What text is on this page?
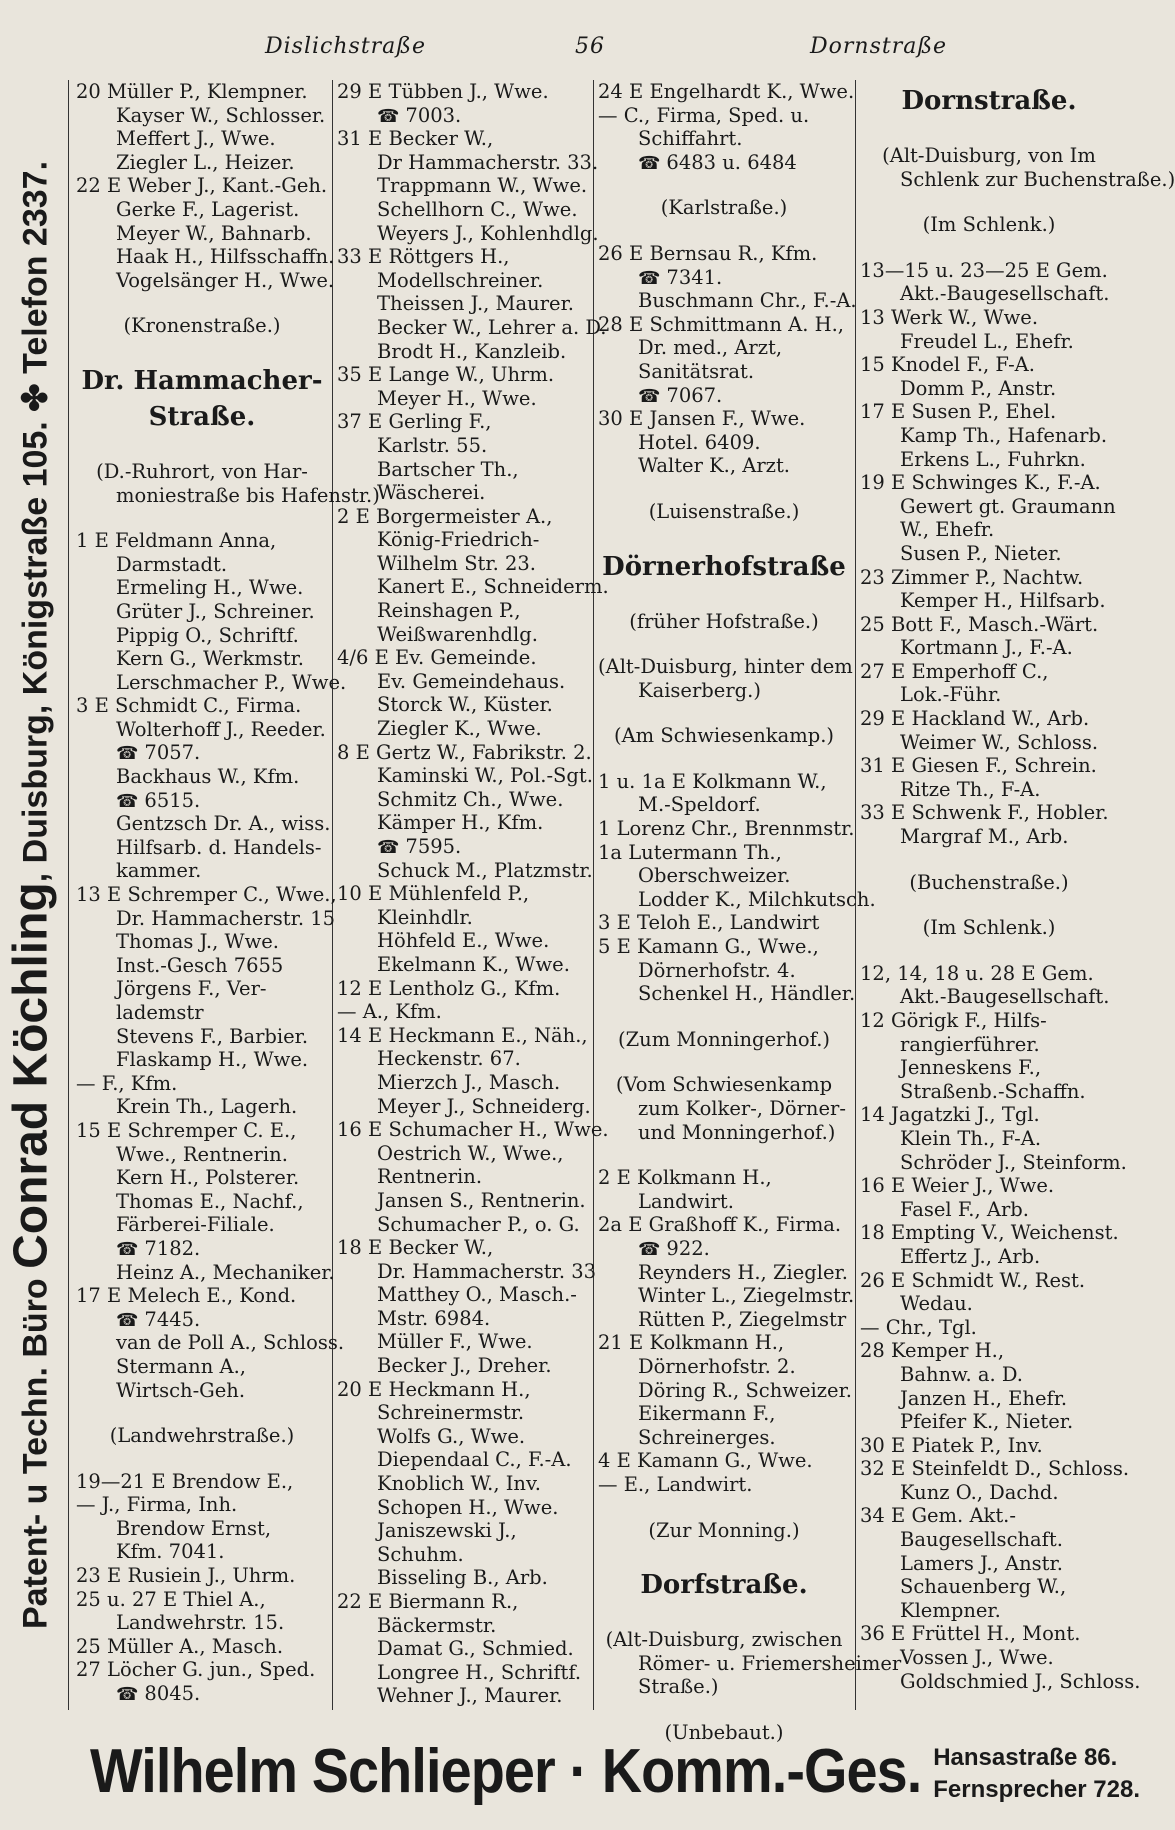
Dislichstraße	56	Dornstraße
Patent- u Techn. Büro Conrad Köchling, Duisburg, Königstraße 105. ✤ Telefon 2337.
20 Müller P., Klempner.
Kayser W., Schlosser.
Meffert J., Wwe.
Ziegler L., Heizer.
22 E Weber J., Kant.-Geh.
Gerke F., Lagerist.
Meyer W., Bahnarb.
Haak H., Hilfsschaffn.
Vogelsänger H., Wwe.
(Kronenstraße.)
Dr. Hammacher-
Straße.
(D.-Ruhrort, von Har-
moniestraße bis Hafenstr.)
1 E Feldmann Anna,
Darmstadt.
Ermeling H., Wwe.
Grüter J., Schreiner.
Pippig O., Schriftf.
Kern G., Werkmstr.
Lerschmacher P., Wwe.
3 E Schmidt C., Firma.
Wolterhoff J., Reeder.
☎ 7057.
Backhaus W., Kfm.
☎ 6515.
Gentzsch Dr. A., wiss.
Hilfsarb. d. Handels-
kammer.
13 E Schremper C., Wwe.,
Dr. Hammacherstr. 15
Thomas J., Wwe.
Inst.-Gesch 7655
Jörgens F., Ver-
lademstr
Stevens F., Barbier.
Flaskamp H., Wwe.
— F., Kfm.
Krein Th., Lagerh.
15 E Schremper C. E.,
Wwe., Rentnerin.
Kern H., Polsterer.
Thomas E., Nachf.,
Färberei-Filiale.
☎ 7182.
Heinz A., Mechaniker.
17 E Melech E., Kond.
☎ 7445.
van de Poll A., Schloss.
Stermann A.,
Wirtsch-Geh.
(Landwehrstraße.)
19—21 E Brendow E.,
— J., Firma, Inh.
Brendow Ernst,
Kfm. 7041.
23 E Rusiein J., Uhrm.
25 u. 27 E Thiel A.,
Landwehrstr. 15.
25 Müller A., Masch.
27 Löcher G. jun., Sped.
☎ 8045.
29 E Tübben J., Wwe.
☎ 7003.
31 E Becker W.,
Dr Hammacherstr. 33.
Trappmann W., Wwe.
Schellhorn C., Wwe.
Weyers J., Kohlenhdlg.
33 E Röttgers H.,
Modellschreiner.
Theissen J., Maurer.
Becker W., Lehrer a. D.
Brodt H., Kanzleib.
35 E Lange W., Uhrm.
Meyer H., Wwe.
37 E Gerling F.,
Karlstr. 55.
Bartscher Th.,
Wäscherei.
2 E Borgermeister A.,
König-Friedrich-
Wilhelm Str. 23.
Kanert E., Schneiderm.
Reinshagen P.,
Weißwarenhdlg.
4/6 E Ev. Gemeinde.
Ev. Gemeindehaus.
Storck W., Küster.
Ziegler K., Wwe.
8 E Gertz W., Fabrikstr. 2.
Kaminski W., Pol.-Sgt.
Schmitz Ch., Wwe.
Kämper H., Kfm.
☎ 7595.
Schuck M., Platzmstr.
10 E Mühlenfeld P.,
Kleinhdlr.
Höhfeld E., Wwe.
Ekelmann K., Wwe.
12 E Lentholz G., Kfm.
— A., Kfm.
14 E Heckmann E., Näh.,
Heckenstr. 67.
Mierzch J., Masch.
Meyer J., Schneiderg.
16 E Schumacher H., Wwe.
Oestrich W., Wwe.,
Rentnerin.
Jansen S., Rentnerin.
Schumacher P., o. G.
18 E Becker W.,
Dr. Hammacherstr. 33
Matthey O., Masch.-
Mstr. 6984.
Müller F., Wwe.
Becker J., Dreher.
20 E Heckmann H.,
Schreinermstr.
Wolfs G., Wwe.
Diependaal C., F.-A.
Knoblich W., Inv.
Schopen H., Wwe.
Janiszewski J.,
Schuhm.
Bisseling B., Arb.
22 E Biermann R.,
Bäckermstr.
Damat G., Schmied.
Longree H., Schriftf.
Wehner J., Maurer.
24 E Engelhardt K., Wwe.
— C., Firma, Sped. u.
Schiffahrt.
☎ 6483 u. 6484
(Karlstraße.)
26 E Bernsau R., Kfm.
☎ 7341.
Buschmann Chr., F.-A.
28 E Schmittmann A. H.,
Dr. med., Arzt,
Sanitätsrat.
☎ 7067.
30 E Jansen F., Wwe.
Hotel. 6409.
Walter K., Arzt.
(Luisenstraße.)
Dörnerhofstraße
(früher Hofstraße.)
(Alt-Duisburg, hinter dem
Kaiserberg.)
(Am Schwiesenkamp.)
1 u. 1a E Kolkmann W.,
M.-Speldorf.
1 Lorenz Chr., Brennmstr.
1a Lutermann Th.,
Oberschweizer.
Lodder K., Milchkutsch.
3 E Teloh E., Landwirt
5 E Kamann G., Wwe.,
Dörnerhofstr. 4.
Schenkel H., Händler.
(Zum Monningerhof.)
(Vom Schwiesenkamp
zum Kolker-, Dörner-
und Monningerhof.)
2 E Kolkmann H.,
Landwirt.
2a E Graßhoff K., Firma.
☎ 922.
Reynders H., Ziegler.
Winter L., Ziegelmstr.
Rütten P., Ziegelmstr
21 E Kolkmann H.,
Dörnerhofstr. 2.
Döring R., Schweizer.
Eikermann F.,
Schreinerges.
4 E Kamann G., Wwe.
— E., Landwirt.
(Zur Monning.)
Dorfstraße.
(Alt-Duisburg, zwischen
Römer- u. Friemersheimer
Straße.)
(Unbebaut.)
Dornstraße.
(Alt-Duisburg, von Im
Schlenk zur Buchenstraße.)
(Im Schlenk.)
13—15 u. 23—25 E Gem.
Akt.-Baugesellschaft.
13 Werk W., Wwe.
Freudel L., Ehefr.
15 Knodel F., F-A.
Domm P., Anstr.
17 E Susen P., Ehel.
Kamp Th., Hafenarb.
Erkens L., Fuhrkn.
19 E Schwinges K., F.-A.
Gewert gt. Graumann
W., Ehefr.
Susen P., Nieter.
23 Zimmer P., Nachtw.
Kemper H., Hilfsarb.
25 Bott F., Masch.-Wärt.
Kortmann J., F.-A.
27 E Emperhoff C.,
Lok.-Führ.
29 E Hackland W., Arb.
Weimer W., Schloss.
31 E Giesen F., Schrein.
Ritze Th., F-A.
33 E Schwenk F., Hobler.
Margraf M., Arb.
(Buchenstraße.)
(Im Schlenk.)
12, 14, 18 u. 28 E Gem.
Akt.-Baugesellschaft.
12 Görigk F., Hilfs-
rangierführer.
Jenneskens F.,
Straßenb.-Schaffn.
14 Jagatzki J., Tgl.
Klein Th., F-A.
Schröder J., Steinform.
16 E Weier J., Wwe.
Fasel F., Arb.
18 Empting V., Weichenst.
Effertz J., Arb.
26 E Schmidt W., Rest.
Wedau.
— Chr., Tgl.
28 Kemper H.,
Bahnw. a. D.
Janzen H., Ehefr.
Pfeifer K., Nieter.
30 E Piatek P., Inv.
32 E Steinfeldt D., Schloss.
Kunz O., Dachd.
34 E Gem. Akt.-
Baugesellschaft.
Lamers J., Anstr.
Schauenberg W.,
Klempner.
36 E Früttel H., Mont.
Vossen J., Wwe.
Goldschmied J., Schloss.
Wilhelm Schlieper · Komm.-Ges. Hansastraße 86.
Fernsprecher 728.
